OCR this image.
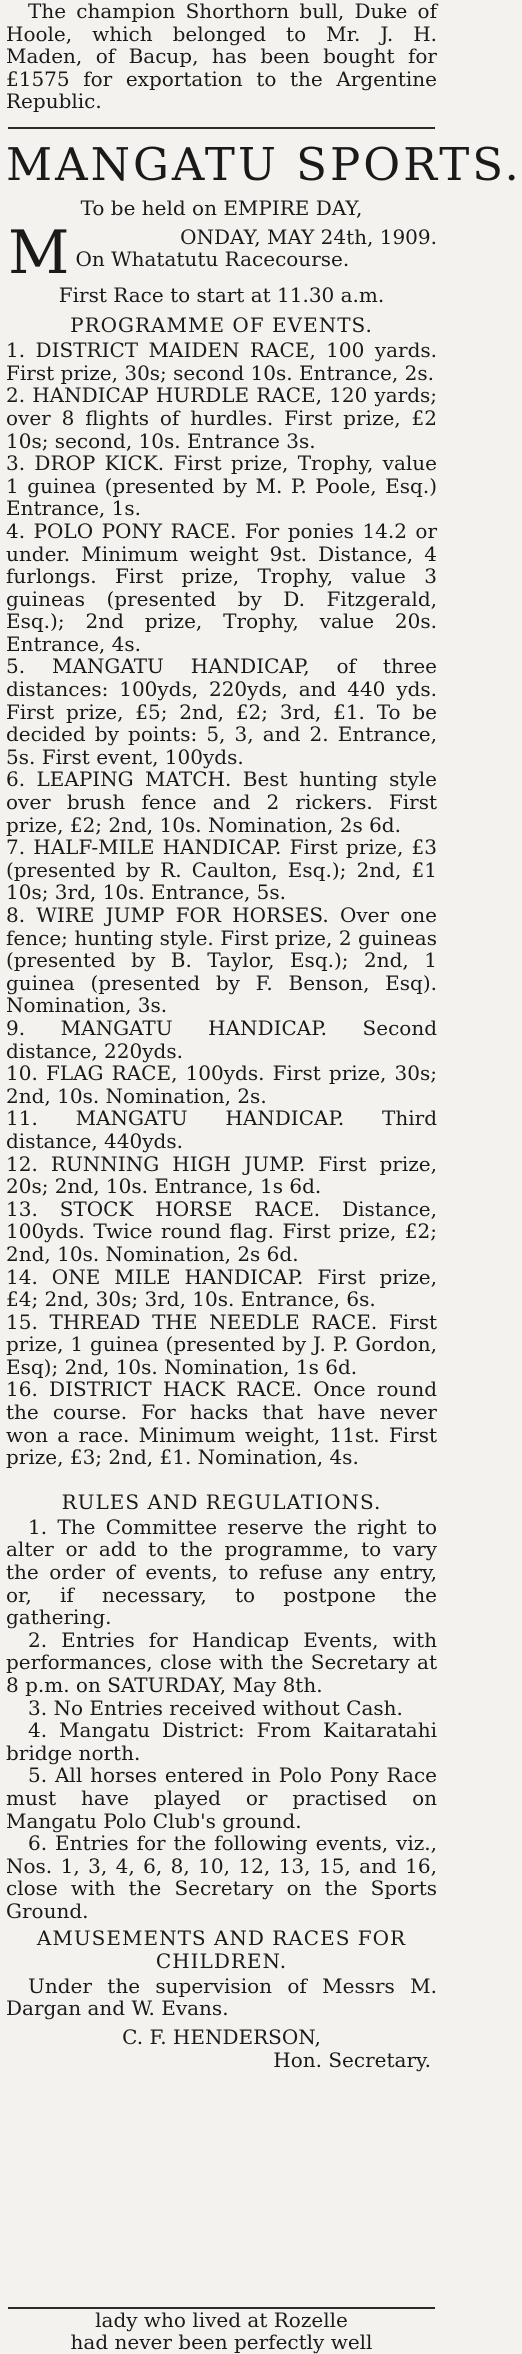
The champion Shorthorn bull, Duke of Hoole, which belonged to Mr. J. H. Maden, of Bacup, has been bought for £1575 for exportation to the Argentine Republic.

MANGATU SPORTS.
To be held on EMPIRE DAY,
M	ONDAY, MAY 24th, 1909.
On Whatatutu Racecourse.
First Race to start at 11.30 a.m.
PROGRAMME OF EVENTS.

1. DISTRICT MAIDEN RACE, 100 yards. First prize, 30s; second 10s. Entrance, 2s.

2. HANDICAP HURDLE RACE, 120 yards; over 8 flights of hurdles. First prize, £2 10s; second, 10s. Entrance 3s.

3. DROP KICK. First prize, Trophy, value 1 guinea (presented by M. P. Poole, Esq.) Entrance, 1s.

4. POLO PONY RACE. For ponies 14.2 or under. Minimum weight 9st. Distance, 4 furlongs. First prize, Trophy, value 3 guineas (presented by D. Fitzgerald, Esq.); 2nd prize, Trophy, value 20s. Entrance, 4s.

5. MANGATU HANDICAP, of three distances: 100yds, 220yds, and 440 yds. First prize, £5; 2nd, £2; 3rd, £1. To be decided by points: 5, 3, and 2. Entrance, 5s. First event, 100yds.

6. LEAPING MATCH. Best hunting style over brush fence and 2 rickers. First prize, £2; 2nd, 10s. Nomination, 2s 6d.

7. HALF-MILE HANDICAP. First prize, £3 (presented by R. Caulton, Esq.); 2nd, £1 10s; 3rd, 10s. Entrance, 5s.

8. WIRE JUMP FOR HORSES. Over one fence; hunting style. First prize, 2 guineas (presented by B. Taylor, Esq.); 2nd, 1 guinea (presented by F. Benson, Esq). Nomination, 3s.

9. MANGATU HANDICAP. Second distance, 220yds.

10. FLAG RACE, 100yds. First prize, 30s; 2nd, 10s. Nomination, 2s.

11. MANGATU HANDICAP. Third distance, 440yds.

12. RUNNING HIGH JUMP. First prize, 20s; 2nd, 10s. Entrance, 1s 6d.

13. STOCK HORSE RACE. Distance, 100yds. Twice round flag. First prize, £2; 2nd, 10s. Nomination, 2s 6d.

14. ONE MILE HANDICAP. First prize, £4; 2nd, 30s; 3rd, 10s. Entrance, 6s.

15. THREAD THE NEEDLE RACE. First prize, 1 guinea (presented by J. P. Gordon, Esq); 2nd, 10s. Nomination, 1s 6d.

16. DISTRICT HACK RACE. Once round the course. For hacks that have never won a race. Minimum weight, 11st. First prize, £3; 2nd, £1. Nomination, 4s.

RULES AND REGULATIONS.

1. The Committee reserve the right to alter or add to the programme, to vary the order of events, to refuse any entry, or, if necessary, to postpone the gathering.

2. Entries for Handicap Events, with performances, close with the Secretary at 8 p.m. on SATURDAY, May 8th.

3. No Entries received without Cash.

4. Mangatu District: From Kaitaratahi bridge north.

5. All horses entered in Polo Pony Race must have played or practised on Mangatu Polo Club's ground.

6. Entries for the following events, viz., Nos. 1, 3, 4, 6, 8, 10, 12, 13, 15, and 16, close with the Secretary on the Sports Ground.

AMUSEMENTS AND RACES FOR CHILDREN.

Under the supervision of Messrs M. Dargan and W. Evans.

C. F. HENDERSON,
Hon. Secretary.
lady who lived at Rozelle
had never been perfectly well
